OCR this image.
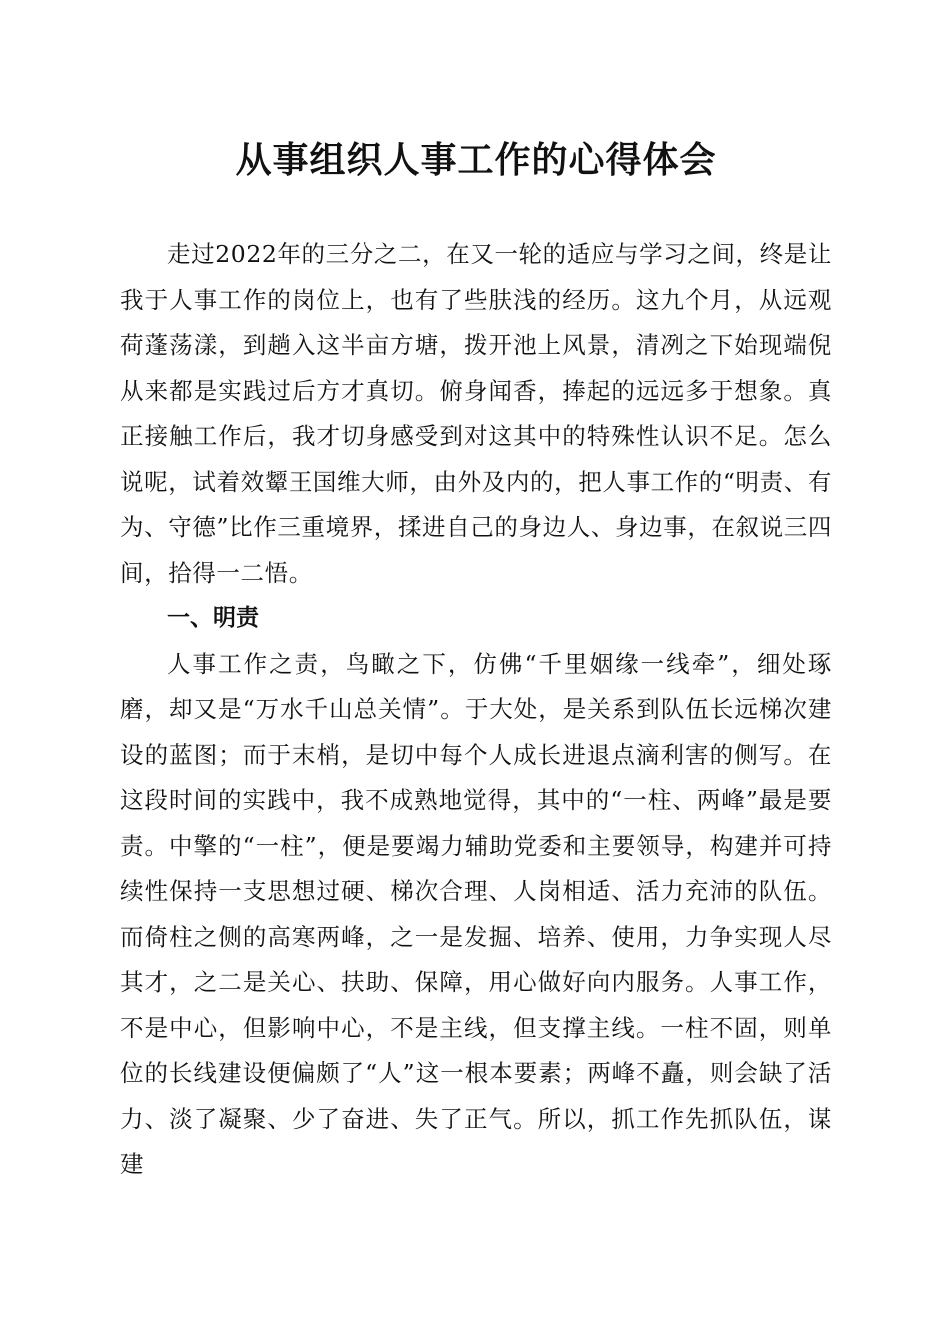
从事组织人事工作的心得体会

走过2022年的三分之二，在又一轮的适应与学习之间，终是让我于人事工作的岗位上，也有了些肤浅的经历。这九个月，从远观荷蓬荡漾，到趟入这半亩方塘，拨开池上风景，清冽之下始现端倪从来都是实践过后方才真切。俯身闻香，捧起的远远多于想象。真正接触工作后，我才切身感受到对这其中的特殊性认识不足。怎么说呢，试着效颦王国维大师，由外及内的，把人事工作的“明责、有为、守德”比作三重境界，揉进自己的身边人、身边事，在叙说三四间，拾得一二悟。

一、明责

人事工作之责，鸟瞰之下，仿佛“千里姻缘一线牵”，细处琢磨，却又是“万水千山总关情”。于大处，是关系到队伍长远梯次建设的蓝图；而于末梢，是切中每个人成长进退点滴利害的侧写。在这段时间的实践中，我不成熟地觉得，其中的“一柱、两峰”最是要责。中擎的“一柱”，便是要竭力辅助党委和主要领导，构建并可持续性保持一支思想过硬、梯次合理、人岗相适、活力充沛的队伍。而倚柱之侧的高寒两峰，之一是发掘、培养、使用，力争实现人尽其才，之二是关心、扶助、保障，用心做好向内服务。人事工作，不是中心，但影响中心，不是主线，但支撑主线。一柱不固，则单位的长线建设便偏颇了“人”这一根本要素；两峰不矗，则会缺了活力、淡了凝聚、少了奋进、失了正气。所以，抓工作先抓队伍，谋建
